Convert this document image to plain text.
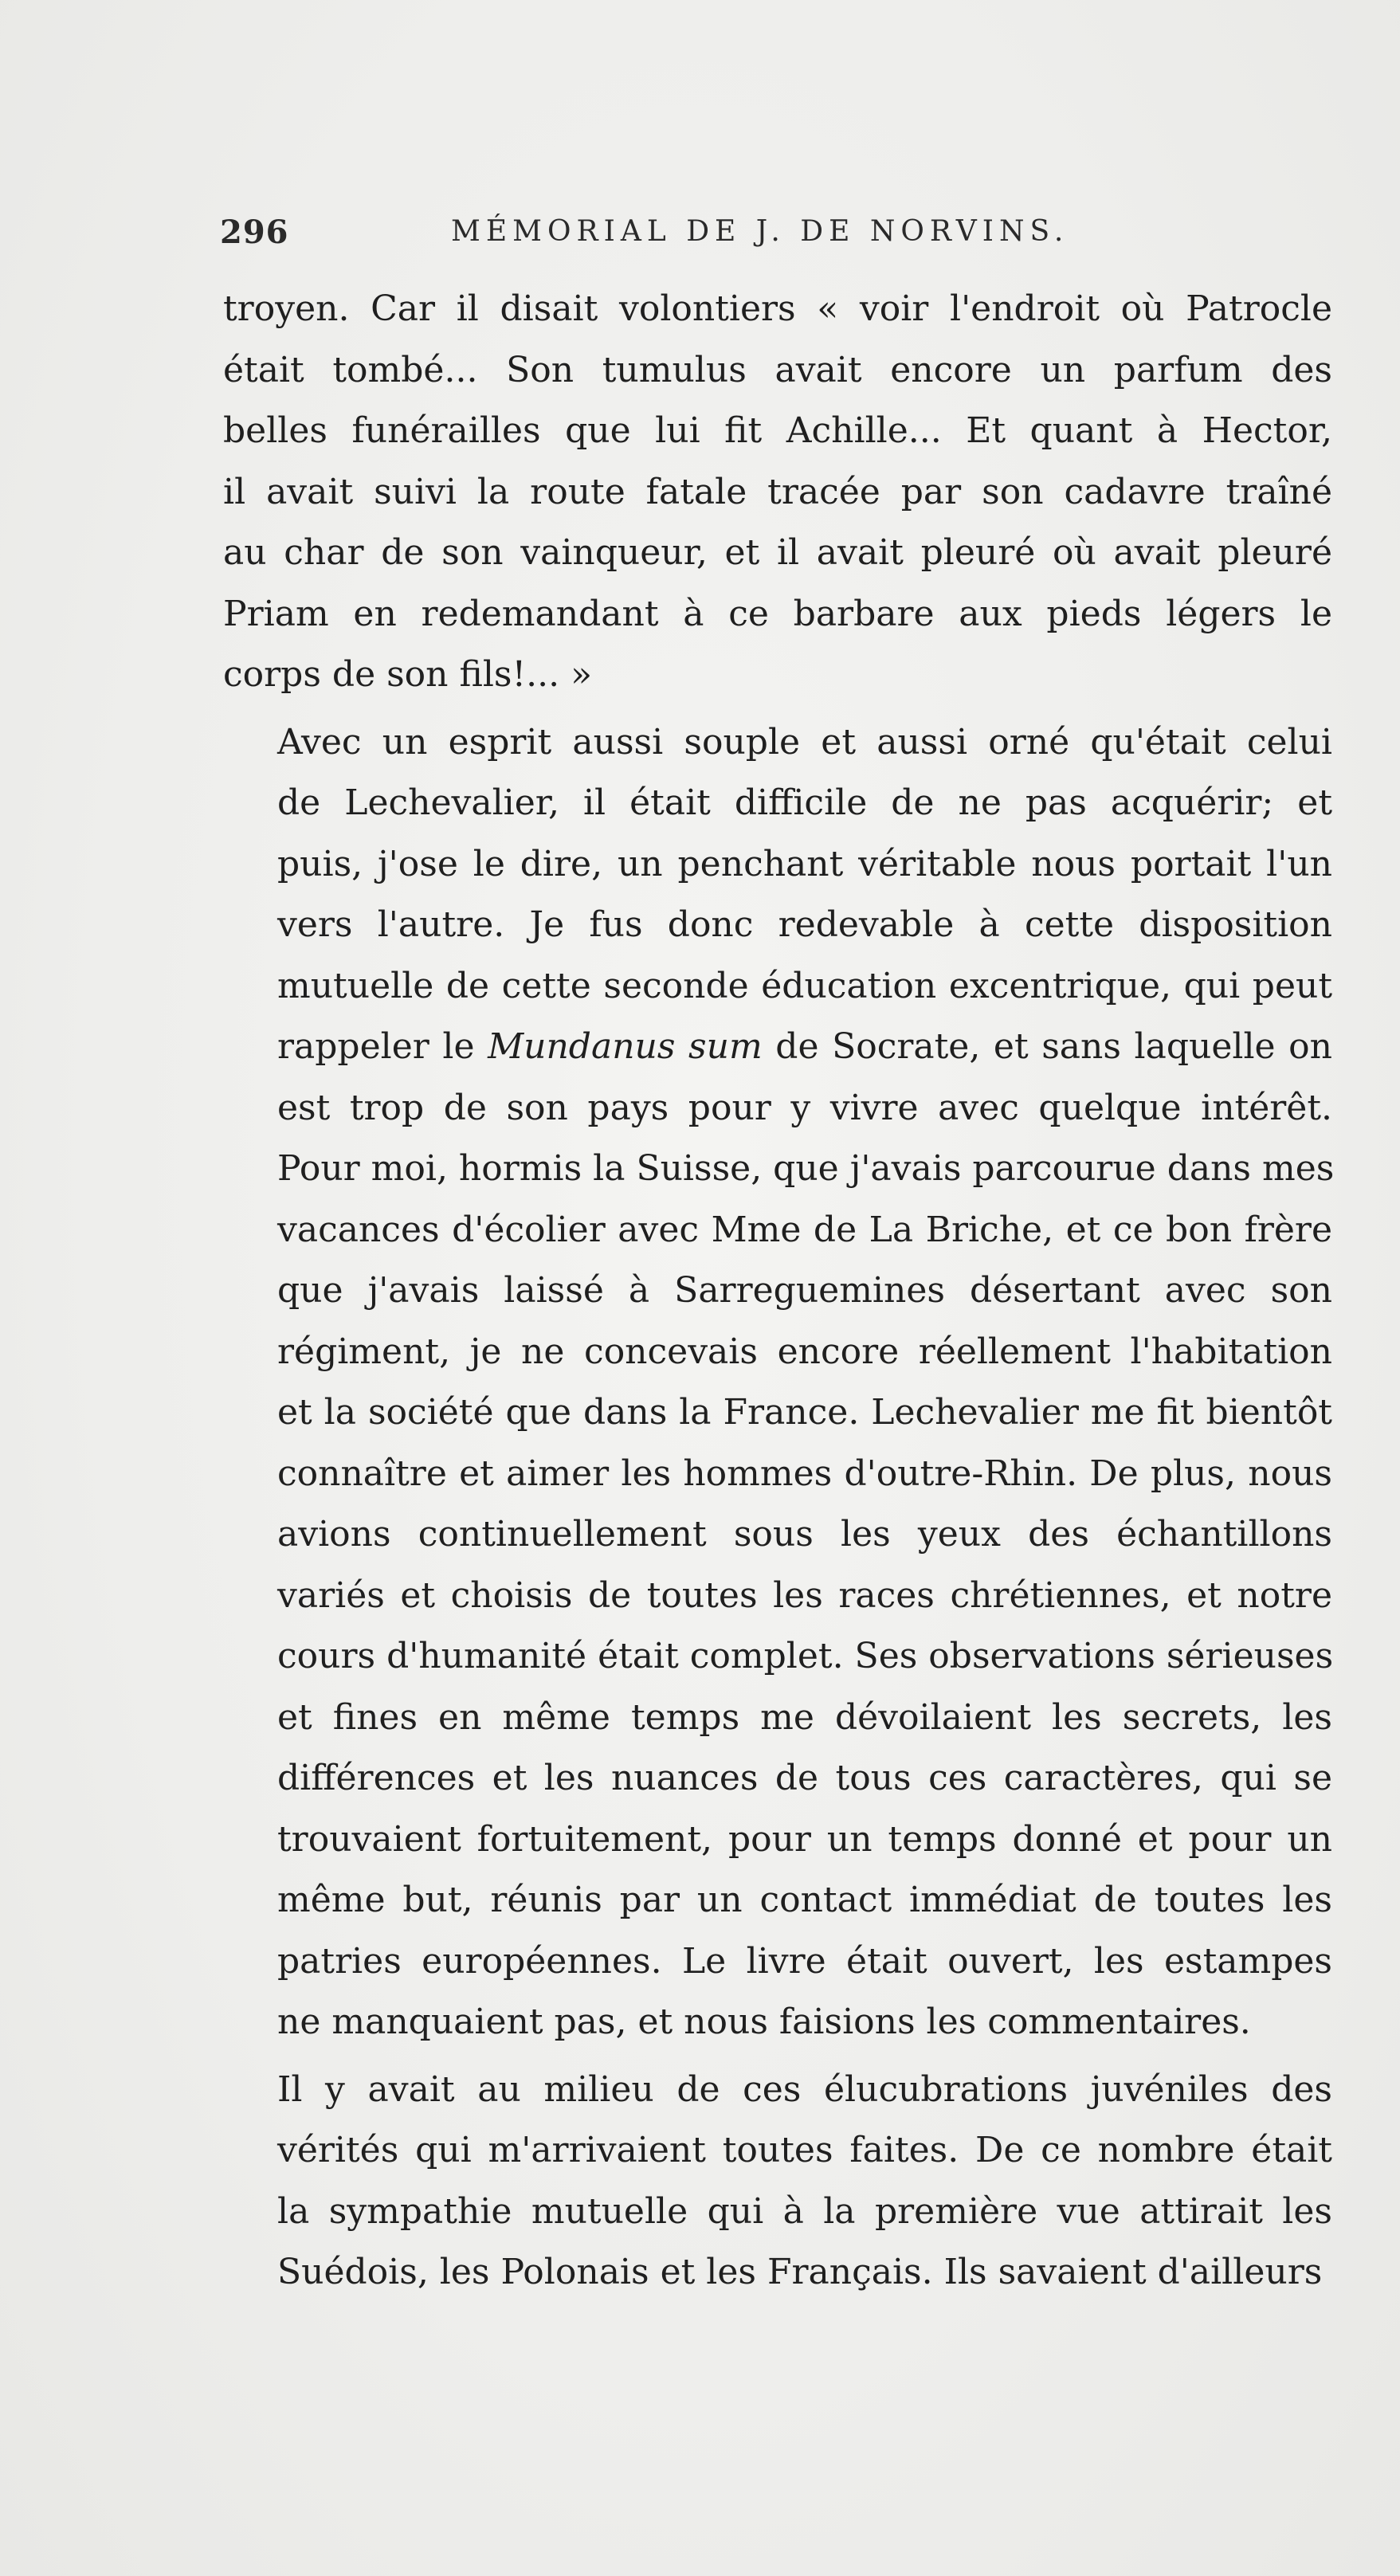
296	MÉMORIAL DE J. DE NORVINS.

troyen. Car il disait volontiers « voir l'endroit où Patrocle
était tombé... Son tumulus avait encore un parfum des
belles funérailles que lui fit Achille... Et quant à Hector,
il avait suivi la route fatale tracée par son cadavre traîné
au char de son vainqueur, et il avait pleuré où avait pleuré
Priam en redemandant à ce barbare aux pieds légers le
corps de son fils!... »

Avec un esprit aussi souple et aussi orné qu'était celui
de Lechevalier, il était difficile de ne pas acquérir; et
puis, j'ose le dire, un penchant véritable nous portait l'un
vers l'autre. Je fus donc redevable à cette disposition
mutuelle de cette seconde éducation excentrique, qui peut
rappeler le Mundanus sum de Socrate, et sans laquelle on
est trop de son pays pour y vivre avec quelque intérêt.
Pour moi, hormis la Suisse, que j'avais parcourue dans mes
vacances d'écolier avec Mme de La Briche, et ce bon frère
que j'avais laissé à Sarreguemines désertant avec son
régiment, je ne concevais encore réellement l'habitation
et la société que dans la France. Lechevalier me fit bientôt
connaître et aimer les hommes d'outre-Rhin. De plus, nous
avions continuellement sous les yeux des échantillons
variés et choisis de toutes les races chrétiennes, et notre
cours d'humanité était complet. Ses observations sérieuses
et fines en même temps me dévoilaient les secrets, les
différences et les nuances de tous ces caractères, qui se
trouvaient fortuitement, pour un temps donné et pour un
même but, réunis par un contact immédiat de toutes les
patries européennes. Le livre était ouvert, les estampes
ne manquaient pas, et nous faisions les commentaires.

Il y avait au milieu de ces élucubrations juvéniles des
vérités qui m'arrivaient toutes faites. De ce nombre était
la sympathie mutuelle qui à la première vue attirait les
Suédois, les Polonais et les Français. Ils savaient d'ailleurs
